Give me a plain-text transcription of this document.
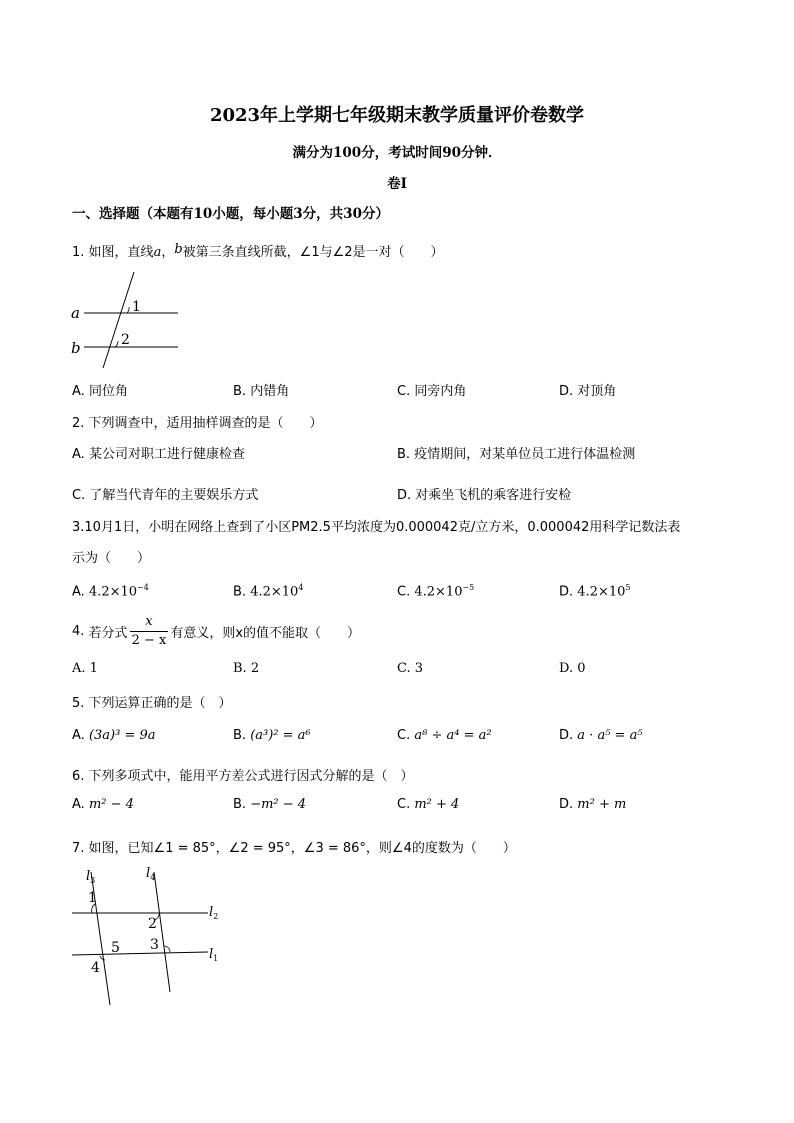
2023年上学期七年级期末教学质量评价卷数学
满分为100分，考试时间90分钟．
卷I
一、选择题（本题有10小题，每小题3分，共30分）
1. 如图，直线a，b被第三条直线所截，∠1与∠2是一对（　　）
a
b
1
2
A. 同位角	B. 内错角	C. 同旁内角	D. 对顶角
2. 下列调查中，适用抽样调查的是（　　）
A. 某公司对职工进行健康检查	B. 疫情期间，对某单位员工进行体温检测
C. 了解当代青年的主要娱乐方式	D. 对乘坐飞机的乘客进行安检
3.10月1日，小明在网络上查到了小区PM2.5平均浓度为0.000042克/立方米，0.000042用科学记数法表
示为（　　）
A. $4.2\times 10^{-4}$	B. $4.2\times 10^4$	C. $4.2\times 10^{-5}$	D. $4.2\times 10^5$
4. 若分式 $\frac{x}{2 - x}$ 有意义，则x的值不能取（　　）
A. 1	B. 2	C. 3	D. 0
5. 下列运算正确的是（　）
A. (3a)³ = 9a	B. (a³)² = a⁶	C. a⁸ ÷ a⁴ = a²	D. a · a⁵ = a⁵
6. 下列多项式中，能用平方差公式进行因式分解的是（　）
A. m² − 4	B. −m² − 4	C. m² + 4	D. m² + m
7. 如图，已知∠1 = 85°，∠2 = 95°，∠3 = 86°，则∠4的度数为（　　）
$l_3$	$l_4$
$l_2$
$l_1$
1
2
3
4
5
